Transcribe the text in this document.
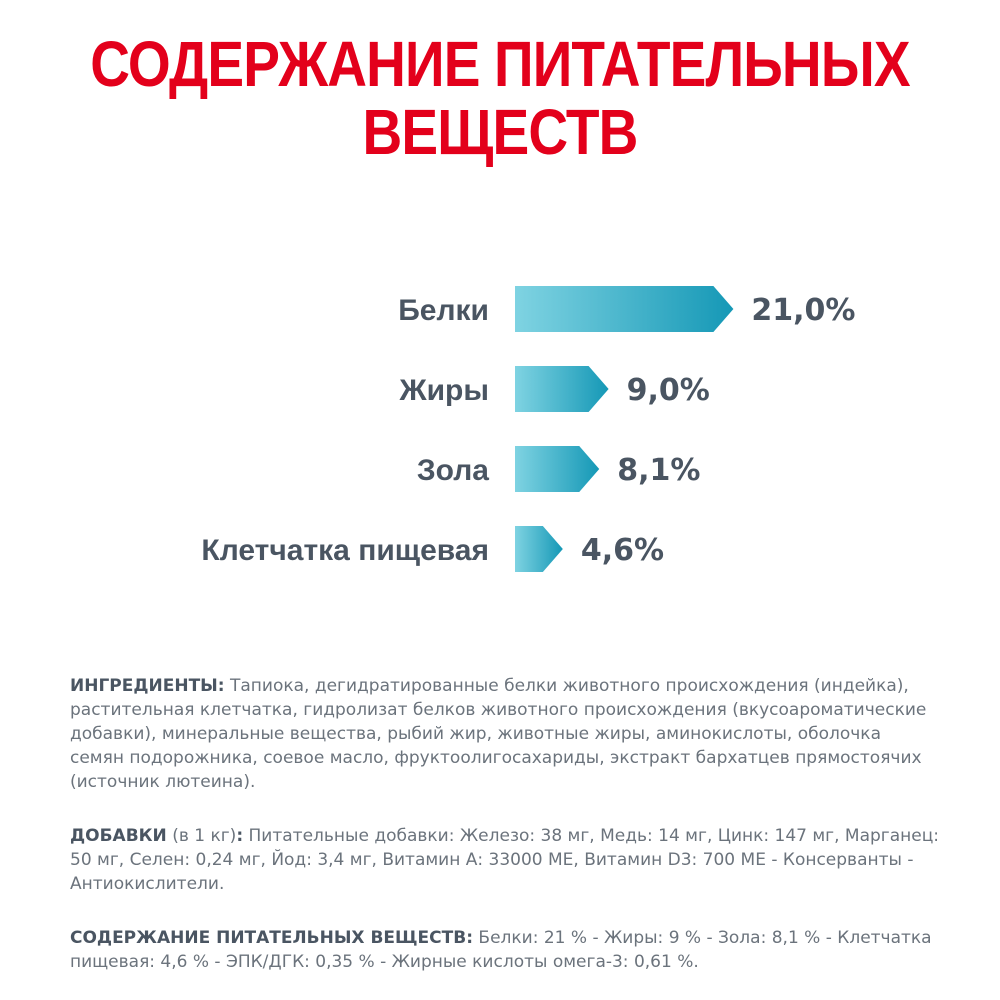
СОДЕРЖАНИЕ ПИТАТЕЛЬНЫХ
ВЕЩЕСТВ
Белки	21,0%
Жиры	9,0%
Зола	8,1%
Клетчатка пищевая	4,6%
ИНГРЕДИЕНТЫ: Тапиока, дегидратированные белки животного происхождения (индейка), растительная клетчатка, гидролизат белков животного происхождения (вкусоароматические добавки), минеральные вещества, рыбий жир, животные жиры, аминокислоты, оболочка семян подорожника, соевое масло, фруктоолигосахариды, экстракт бархатцев прямостоячих (источник лютеина).
ДОБАВКИ (в 1 кг): Питательные добавки: Железо: 38 мг, Медь: 14 мг, Цинк: 147 мг, Марганец: 50 мг, Селен: 0,24 мг, Йод: 3,4 мг, Витамин А: 33000 МЕ, Витамин D3: 700 МЕ - Консерванты - Антиокислители.
СОДЕРЖАНИЕ ПИТАТЕЛЬНЫХ ВЕЩЕСТВ: Белки: 21 % - Жиры: 9 % - Зола: 8,1 % - Клетчатка пищевая: 4,6 % - ЭПК/ДГК: 0,35 % - Жирные кислоты омега-3: 0,61 %.
